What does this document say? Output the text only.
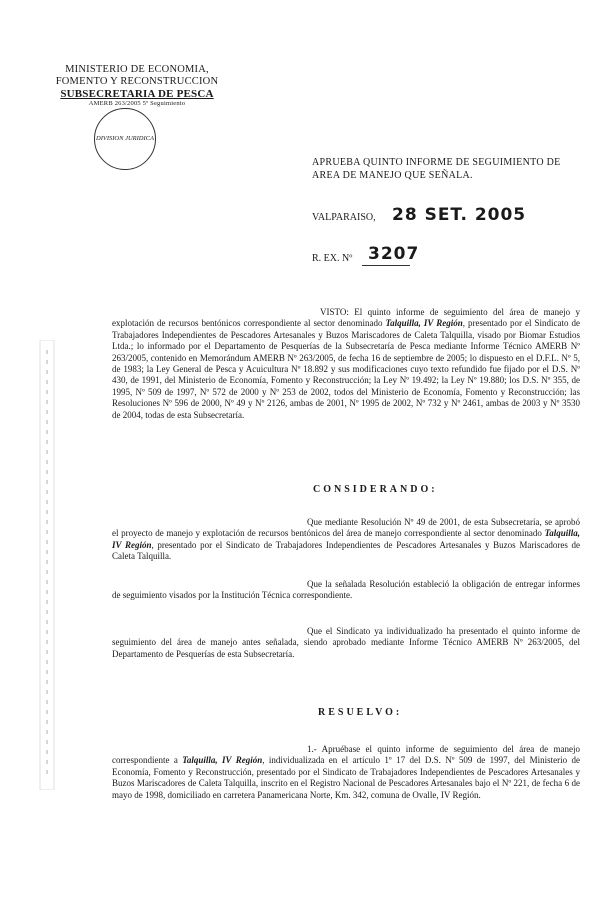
MINISTERIO DE ECONOMIA,
FOMENTO Y RECONSTRUCCION
SUBSECRETARIA DE PESCA
AMERB 263/2005 5º Seguimiento
DIVISION JURIDICA
APRUEBA QUINTO INFORME DE SEGUIMIENTO DE AREA DE MANEJO QUE SEÑALA.
VALPARAISO, 28 SET. 2005
R. EX. Nº 3207
VISTO: El quinto informe de seguimiento del área de manejo y explotación de recursos bentónicos correspondiente al sector denominado Talquilla, IV Región, presentado por el Sindicato de Trabajadores Independientes de Pescadores Artesanales y Buzos Mariscadores de Caleta Talquilla, visado por Biomar Estudios Ltda.; lo informado por el Departamento de Pesquerías de la Subsecretaría de Pesca mediante Informe Técnico AMERB Nº 263/2005, contenido en Memorándum AMERB Nº 263/2005, de fecha 16 de septiembre de 2005; lo dispuesto en el D.F.L. Nº 5, de 1983; la Ley General de Pesca y Acuicultura Nº 18.892 y sus modificaciones cuyo texto refundido fue fijado por el D.S. Nº 430, de 1991, del Ministerio de Economía, Fomento y Reconstrucción; la Ley Nº 19.492; la Ley Nº 19.880; los D.S. Nº 355, de 1995, Nº 509 de 1997, Nº 572 de 2000 y Nº 253 de 2002, todos del Ministerio de Economía, Fomento y Reconstrucción; las Resoluciones Nº 596 de 2000, Nº 49 y Nº 2126, ambas de 2001, Nº 1995 de 2002, Nº 732 y Nº 2461, ambas de 2003 y Nº 3530 de 2004, todas de esta Subsecretaría.
CONSIDERANDO:
Que mediante Resolución Nº 49 de 2001, de esta Subsecretaría, se aprobó el proyecto de manejo y explotación de recursos bentónicos del área de manejo correspondiente al sector denominado Talquilla, IV Región, presentado por el Sindicato de Trabajadores Independientes de Pescadores Artesanales y Buzos Mariscadores de Caleta Talquilla.
Que la señalada Resolución estableció la obligación de entregar informes de seguimiento visados por la Institución Técnica correspondiente.
Que el Sindicato ya individualizado ha presentado el quinto informe de seguimiento del área de manejo antes señalada, siendo aprobado mediante Informe Técnico AMERB Nº 263/2005, del Departamento de Pesquerías de esta Subsecretaría.
RESUELVO:
1.- Apruébase el quinto informe de seguimiento del área de manejo correspondiente a Talquilla, IV Región, individualizada en el artículo 1º 17 del D.S. Nº 509 de 1997, del Ministerio de Economía, Fomento y Reconstrucción, presentado por el Sindicato de Trabajadores Independientes de Pescadores Artesanales y Buzos Mariscadores de Caleta Talquilla, inscrito en el Registro Nacional de Pescadores Artesanales bajo el Nº 221, de fecha 6 de mayo de 1998, domiciliado en carretera Panamericana Norte, Km. 342, comuna de Ovalle, IV Región.
